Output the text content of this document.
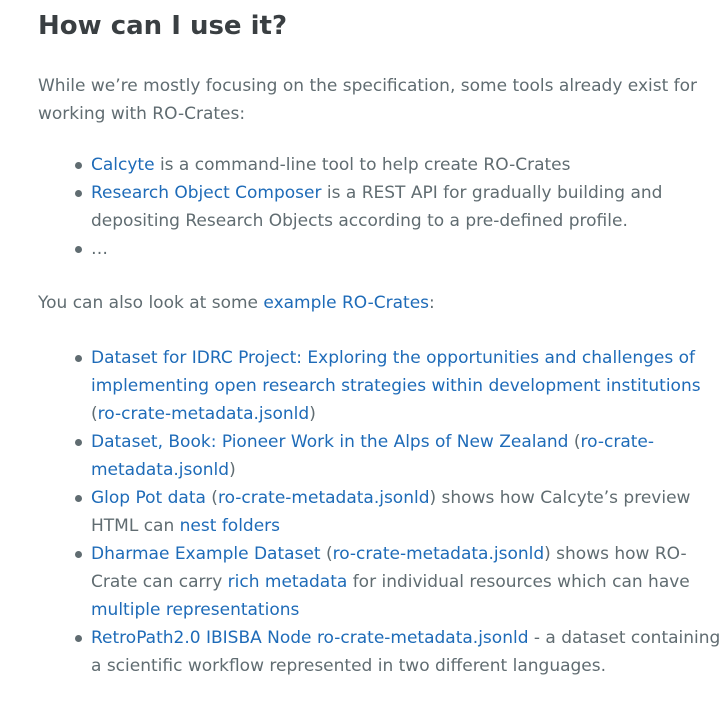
How can I use it?

While we’re mostly focusing on the specification, some tools already exist for working with RO-Crates:

Calcyte is a command-line tool to help create RO-Crates
Research Object Composer is a REST API for gradually building and depositing Research Objects according to a pre-defined profile.
…

You can also look at some example RO-Crates:

Dataset for IDRC Project: Exploring the opportunities and challenges of implementing open research strategies within development institutions (ro-crate-metadata.jsonld)
Dataset, Book: Pioneer Work in the Alps of New Zealand (ro-crate-metadata.jsonld)
Glop Pot data (ro-crate-metadata.jsonld) shows how Calcyte’s preview HTML can nest folders
Dharmae Example Dataset (ro-crate-metadata.jsonld) shows how RO-Crate can carry rich metadata for individual resources which can have multiple representations
RetroPath2.0 IBISBA Node ro-crate-metadata.jsonld - a dataset containing a scientific workflow represented in two different languages.
